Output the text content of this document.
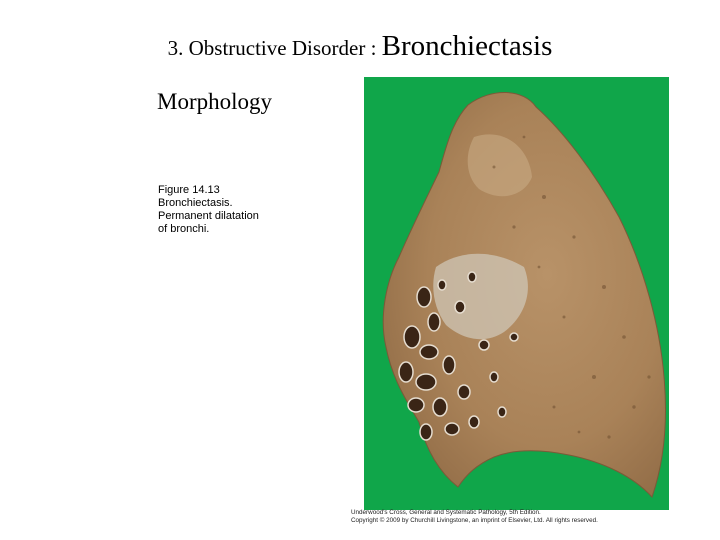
3. Obstructive Disorder : Bronchiectasis
Morphology
Figure 14.13
Bronchiectasis.
Permanent dilatation
of bronchi.
Underwood's Cross, General and Systematic Pathology, 5th Edition.
Copyright © 2009 by Churchill Livingstone, an imprint of Elsevier, Ltd. All rights reserved.
